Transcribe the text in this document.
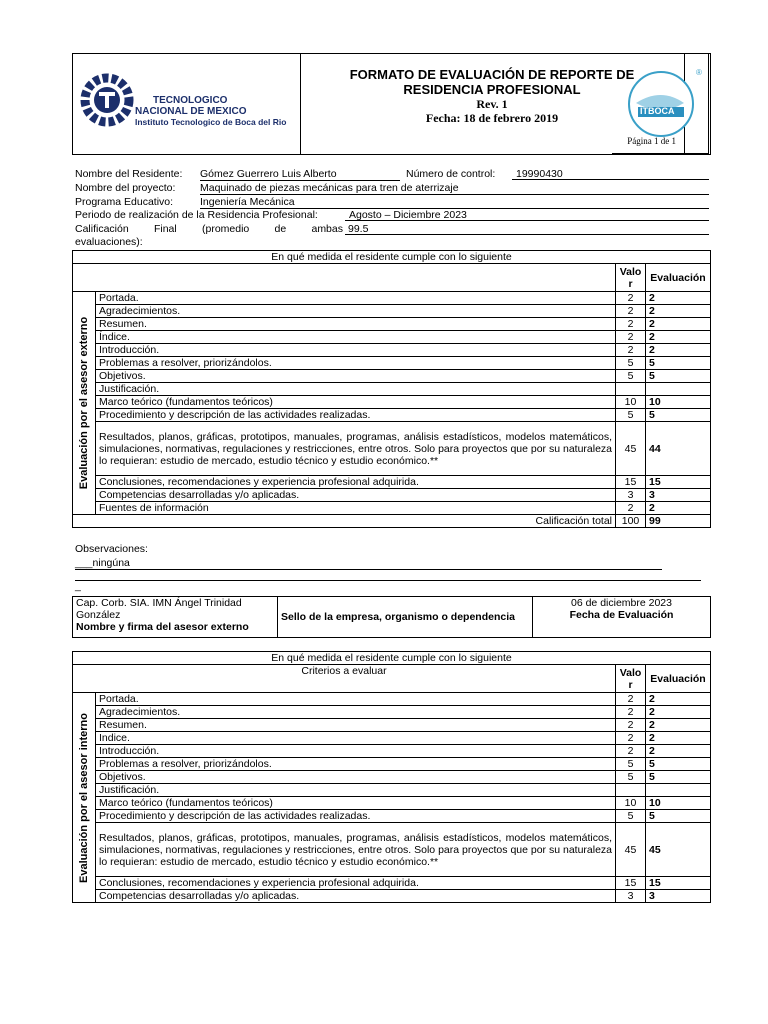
TECNOLOGICO
NACIONAL DE MEXICO
Instituto Tecnologico de Boca del Rio
FORMATO DE EVALUACIÓN DE REPORTE DE RESIDENCIA PROFESIONAL
Rev. 1
Fecha: 18 de febrero 2019
Página 1 de 1
ITBOCA
®
Nombre del Residente: Gómez Guerrero Luis Alberto	Número de control:	19990430
Nombre del proyecto: Maquinado de piezas mecánicas para tren de aterrizaje
Programa Educativo:	Ingeniería Mecánica
Periodo de realización de la Residencia Profesional:	Agosto – Diciembre 2023
Calificación Final (promedio de ambas
evaluaciones):
99.5
En qué medida el residente cumple con lo siguiente			
		Valor	Evaluación

Evaluación por el asesor externo	Portada.	2	2
	Agradecimientos.	2	2
	Resumen.	2	2
	Índice.	2	2
	Introducción.	2	2
	Problemas a resolver, priorizándolos.	5	5
	Objetivos.	5	5
	Justificación.		
	Marco teórico (fundamentos teóricos)	10	10
	Procedimiento y descripción de las actividades realizadas.	5	5
	Resultados, planos, gráficas, prototipos, manuales, programas, análisis estadísticos, modelos matemáticos, simulaciones, normativas, regulaciones y restricciones, entre otros. Solo para proyectos que por su naturaleza lo requieran: estudio de mercado, estudio técnico y estudio económico.**	45	44
	Conclusiones, recomendaciones y experiencia profesional adquirida.	15	15
	Competencias desarrolladas y/o aplicadas.	3	3
	Fuentes de información	2	2
Calificación total		100	99
Observaciones:
___ningúna
_
Cap. Corb. SIA. IMN Ángel Trinidad González
Nombre y firma del asesor externo
	Sello de la empresa, organismo o dependencia	
06 de diciembre 2023
Fecha de Evaluación
En qué medida el residente cumple con lo siguiente			
Criterios a evaluar		Valor	Evaluación

Evaluación por el asesor interno	Portada.	2	2
	Agradecimientos.	2	2
	Resumen.	2	2
	Indice.	2	2
	Introducción.	2	2
	Problemas a resolver, priorizándolos.	5	5
	Objetivos.	5	5
	Justificación.		
	Marco teórico (fundamentos teóricos)	10	10
	Procedimiento y descripción de las actividades realizadas.	5	5
	Resultados, planos, gráficas, prototipos, manuales, programas, análisis estadísticos, modelos matemáticos, simulaciones, normativas, regulaciones y restricciones, entre otros. Solo para proyectos que por su naturaleza lo requieran: estudio de mercado, estudio técnico y estudio económico.**	45	45
	Conclusiones, recomendaciones y experiencia profesional adquirida.	15	15
	Competencias desarrolladas y/o aplicadas.	3	3
